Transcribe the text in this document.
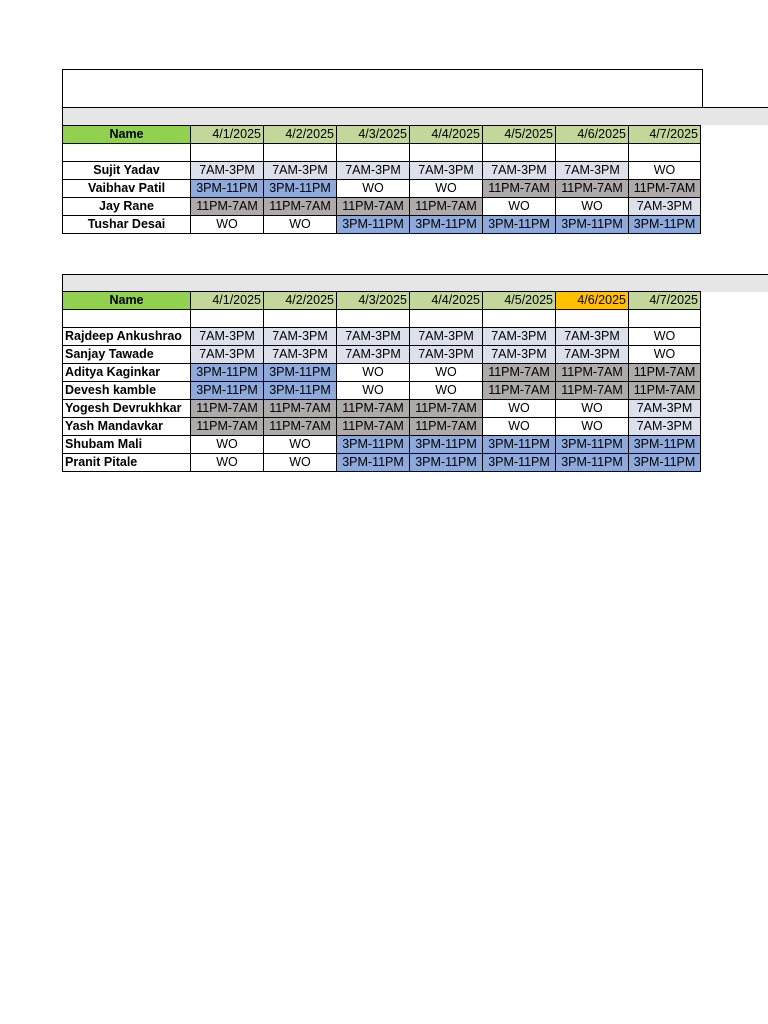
Name	4/1/2025	4/2/2025	4/3/2025	4/4/2025	4/5/2025	4/6/2025	4/7/2025

Sujit Yadav	7AM-3PM	7AM-3PM	7AM-3PM	7AM-3PM	7AM-3PM	7AM-3PM	WO
Vaibhav Patil	3PM-11PM	3PM-11PM	WO	WO	11PM-7AM	11PM-7AM	11PM-7AM
Jay Rane	11PM-7AM	11PM-7AM	11PM-7AM	11PM-7AM	WO	WO	7AM-3PM
Tushar Desai	WO	WO	3PM-11PM	3PM-11PM	3PM-11PM	3PM-11PM	3PM-11PM
Name	4/1/2025	4/2/2025	4/3/2025	4/4/2025	4/5/2025	4/6/2025	4/7/2025

Rajdeep Ankushrao	7AM-3PM	7AM-3PM	7AM-3PM	7AM-3PM	7AM-3PM	7AM-3PM	WO
Sanjay Tawade	7AM-3PM	7AM-3PM	7AM-3PM	7AM-3PM	7AM-3PM	7AM-3PM	WO
Aditya Kaginkar	3PM-11PM	3PM-11PM	WO	WO	11PM-7AM	11PM-7AM	11PM-7AM
Devesh kamble	3PM-11PM	3PM-11PM	WO	WO	11PM-7AM	11PM-7AM	11PM-7AM
Yogesh Devrukhkar	11PM-7AM	11PM-7AM	11PM-7AM	11PM-7AM	WO	WO	7AM-3PM
Yash Mandavkar	11PM-7AM	11PM-7AM	11PM-7AM	11PM-7AM	WO	WO	7AM-3PM
Shubam Mali	WO	WO	3PM-11PM	3PM-11PM	3PM-11PM	3PM-11PM	3PM-11PM
Pranit Pitale	WO	WO	3PM-11PM	3PM-11PM	3PM-11PM	3PM-11PM	3PM-11PM
